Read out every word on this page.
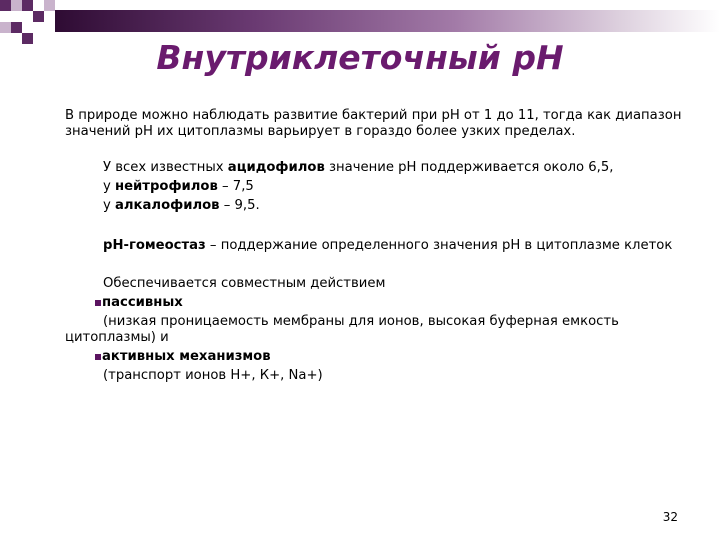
Внутриклеточный рН

В природе можно наблюдать развитие бактерий при рН от 1 до 11, тогда как диапазон значений рН их цитоплазмы варьирует в гораздо более узких пределах.

У всех известных ацидофилов значение рН поддерживается около 6,5,

у нейтрофилов – 7,5

у алкалофилов – 9,5.

рН-гомеостаз – поддержание определенного значения рН в цитоплазме клеток

Обеспечивается совместным действием

пассивных

(низкая проницаемость мембраны для ионов, высокая буферная емкость цитоплазмы) и

активных механизмов

(транспорт ионов Н+, К+, Na+)

32
